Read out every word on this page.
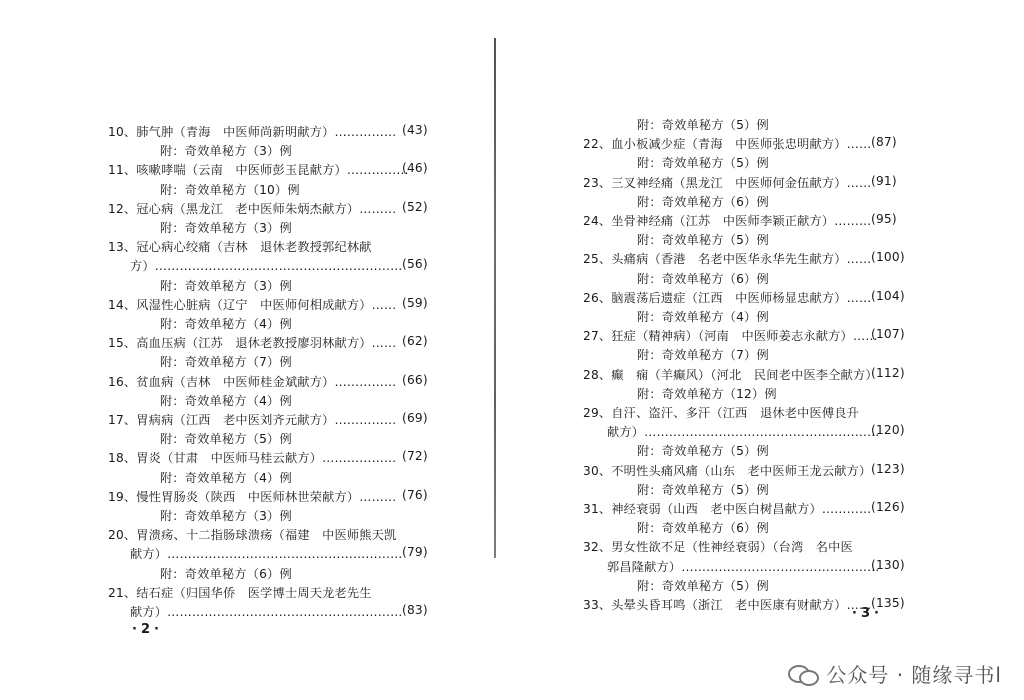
10、肺气肿（青海　中医师尚新明献方）…………… (43)
附：奇效单秘方（3）例
11、咳嗽哮喘（云南　中医师彭玉昆献方）……………
(46)
附：奇效单秘方（10）例
12、冠心病（黑龙江　老中医师朱炳杰献方）……… (52)
附：奇效单秘方（3）例
13、冠心病心绞痛（吉林　退休老教授郭纪林献
方）…………………………………………………… (56)
附：奇效单秘方（3）例
14、风湿性心脏病（辽宁　中医师何相成献方）…… (59)
附：奇效单秘方（4）例
15、高血压病（江苏　退休老教授廖羽林献方）…… (62)
附：奇效单秘方（7）例
16、贫血病（吉林　中医师桂金斌献方）…………… (66)
附：奇效单秘方（4）例
17、胃病病（江西　老中医刘齐元献方）…………… (69)
附：奇效单秘方（5）例
18、胃炎（甘肃　中医师马桂云献方）……………… (72)
附：奇效单秘方（4）例
19、慢性胃肠炎（陕西　中医师林世荣献方）……… (76)
附：奇效单秘方（3）例
20、胃溃疡、十二指肠球溃疡（福建　中医师熊天凯
献方）………………………………………………… (79)
附：奇效单秘方（6）例
21、结石症（归国华侨　医学博士周天龙老先生
献方）………………………………………………… (83)
附：奇效单秘方（5）例
22、血小板减少症（青海　中医师张忠明献方）…… (87)
附：奇效单秘方（5）例
23、三叉神经痛（黑龙江　中医师何金伍献方）…… (91)
附：奇效单秘方（6）例
24、坐骨神经痛（江苏　中医师李颖正献方）……… (95)
附：奇效单秘方（5）例
25、头痛病（香港　名老中医华永华先生献方）…… (100)
附：奇效单秘方（6）例
26、脑震荡后遗症（江西　中医师杨显忠献方）…… (104)
附：奇效单秘方（4）例
27、狂症（精神病）（河南　中医师姜志永献方）……
(107)
附：奇效单秘方（7）例
28、癫　痫（羊癫风）（河北　民间老中医李仝献方）
(112)
附：奇效单秘方（12）例
29、自汗、盗汗、多汗（江西　退休老中医傅良升
献方）…………………………………………………
(120)
附：奇效单秘方（5）例
30、不明性头痛风痛（山东　老中医师王龙云献方） (123)
附：奇效单秘方（5）例
31、神经衰弱（山西　老中医白树昌献方）………… (126)
附：奇效单秘方（6）例
32、男女性欲不足（性神经衰弱）（台湾　名中医
郭昌隆献方）…………………………………………
(130)
附：奇效单秘方（5）例
33、头晕头昏耳鸣（浙江　老中医康有财献方）…… (135)
·2·
·3·
公众号 · 随缘寻书l
